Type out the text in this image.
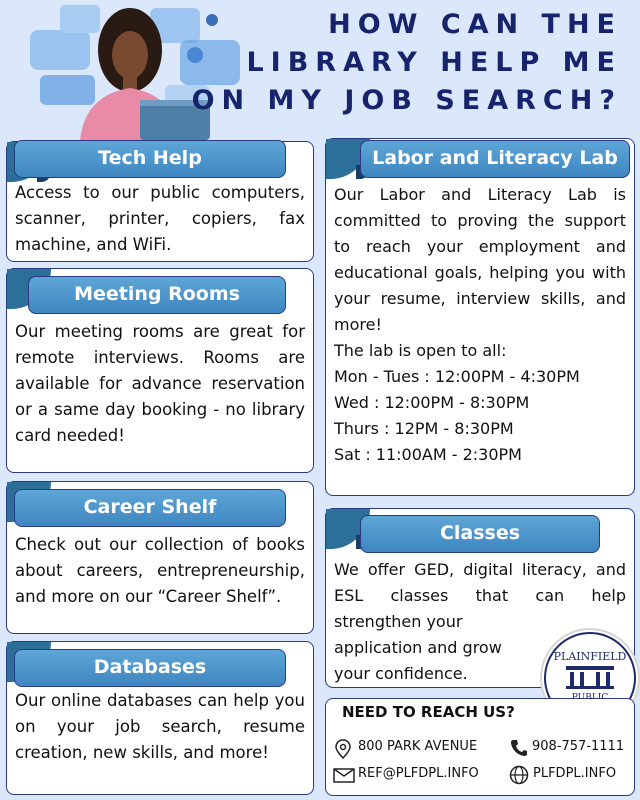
HOW CAN THE
LIBRARY HELP ME
ON MY JOB SEARCH?
Access to our public computers, scanner, printer, copiers, fax machine, and WiFi.
Tech Help
Our meeting rooms are great for remote interviews. Rooms are available for advance reservation or a same day booking - no library card needed!
Meeting Rooms
Check out our collection of books about careers, entrepreneurship, and more on our “Career Shelf”.
Career Shelf
Our online databases can help you on your job search, resume creation, new skills, and more!
Databases
Our Labor and Literacy Lab is committed to proving the support to reach your employment and educational goals, helping you with your resume, interview skills, and more!
The lab is open to all:
Mon - Tues : 12:00PM - 4:30PM
Wed : 12:00PM - 8:30PM
Thurs : 12PM - 8:30PM
Sat : 11:00AM - 2:30PM
Labor and Literacy Lab
We offer GED, digital literacy, and ESL classes that can help strengthen your
application and grow
your confidence.
Classes
PLAINFIELD
NEED TO REACH US?
800 PARK AVENUE	908-757-1111
REF@PLFDPL.INFO	PLFDPL.INFO
